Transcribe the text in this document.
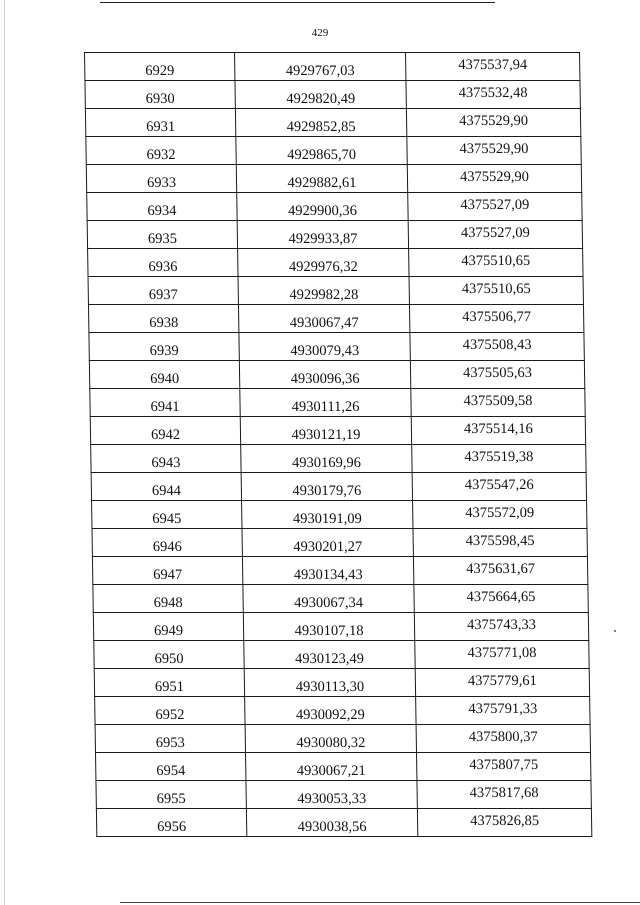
429
6929	4929767,03	4375537,94
6930	4929820,49	4375532,48
6931	4929852,85	4375529,90
6932	4929865,70	4375529,90
6933	4929882,61	4375529,90
6934	4929900,36	4375527,09
6935	4929933,87	4375527,09
6936	4929976,32	4375510,65
6937	4929982,28	4375510,65
6938	4930067,47	4375506,77
6939	4930079,43	4375508,43
6940	4930096,36	4375505,63
6941	4930111,26	4375509,58
6942	4930121,19	4375514,16
6943	4930169,96	4375519,38
6944	4930179,76	4375547,26
6945	4930191,09	4375572,09
6946	4930201,27	4375598,45
6947	4930134,43	4375631,67
6948	4930067,34	4375664,65
6949	4930107,18	4375743,33
6950	4930123,49	4375771,08
6951	4930113,30	4375779,61
6952	4930092,29	4375791,33
6953	4930080,32	4375800,37
6954	4930067,21	4375807,75
6955	4930053,33	4375817,68
6956	4930038,56	4375826,85
